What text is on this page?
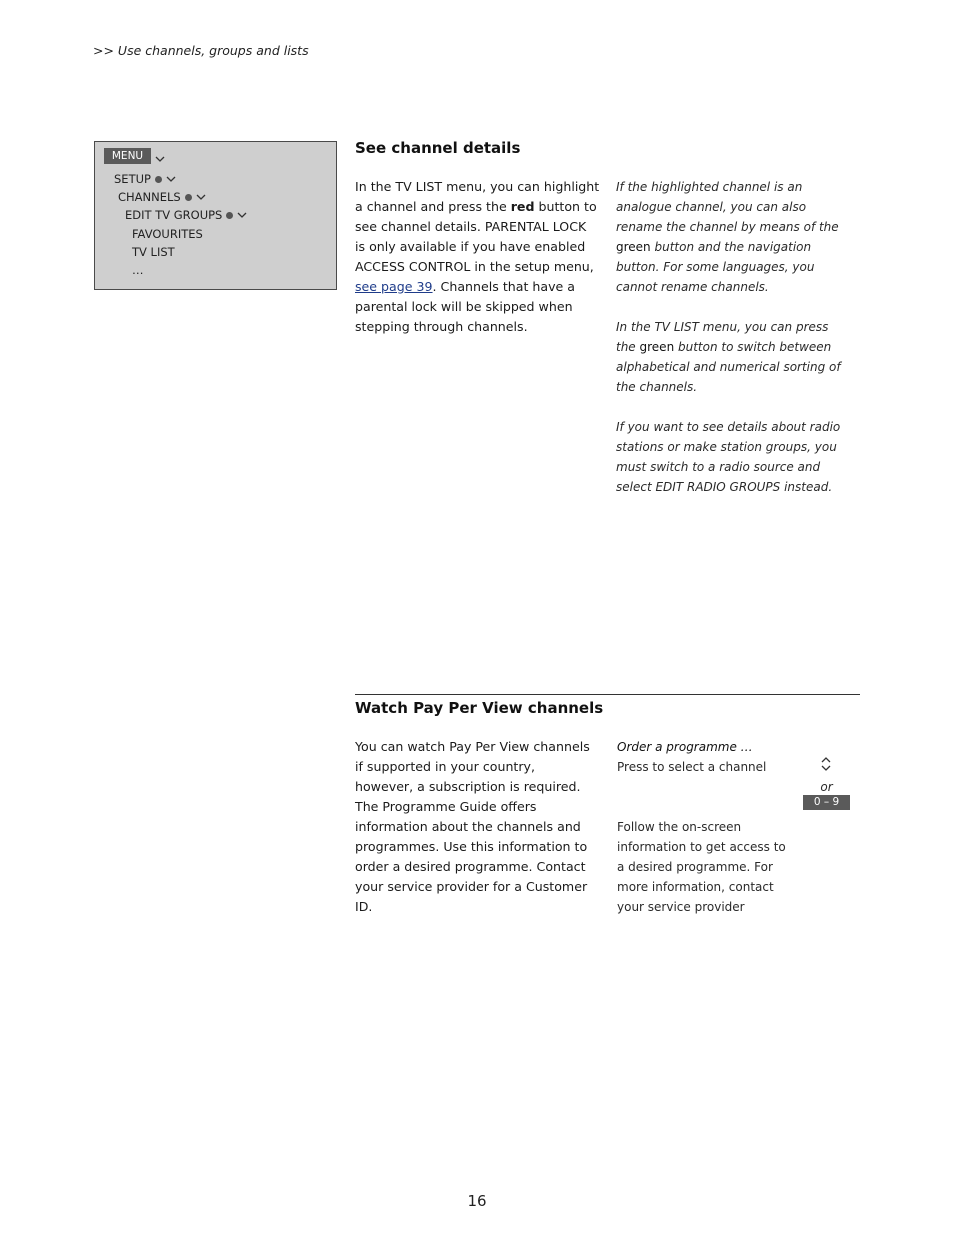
>> Use channels, groups and lists
MENU
SETUP
CHANNELS
EDIT TV GROUPS
FAVOURITES
TV LIST
…
See channel details
In the TV LIST menu, you can highlight a channel and press the red button to see channel details. PARENTAL LOCK is only available if you have enabled ACCESS CONTROL in the setup menu, see page 39. Channels that have a parental lock will be skipped when stepping through channels.

If the highlighted channel is an analogue channel, you can also rename the channel by means of the green button and the navigation button. For some languages, you cannot rename channels.

In the TV LIST menu, you can press the green button to switch between alphabetical and numerical sorting of the channels.

If you want to see details about radio stations or make station groups, you must switch to a radio source and select EDIT RADIO GROUPS instead.

Watch Pay Per View channels
You can watch Pay Per View channels if supported in your country, however, a subscription is required. The Programme Guide offers information about the channels and programmes. Use this information to order a desired programme. Contact your service provider for a Customer ID.
Order a programme …
Press to select a channel
or
0 – 9
Follow the on-screen information to get access to a desired programme. For more information, contact your service provider
16
